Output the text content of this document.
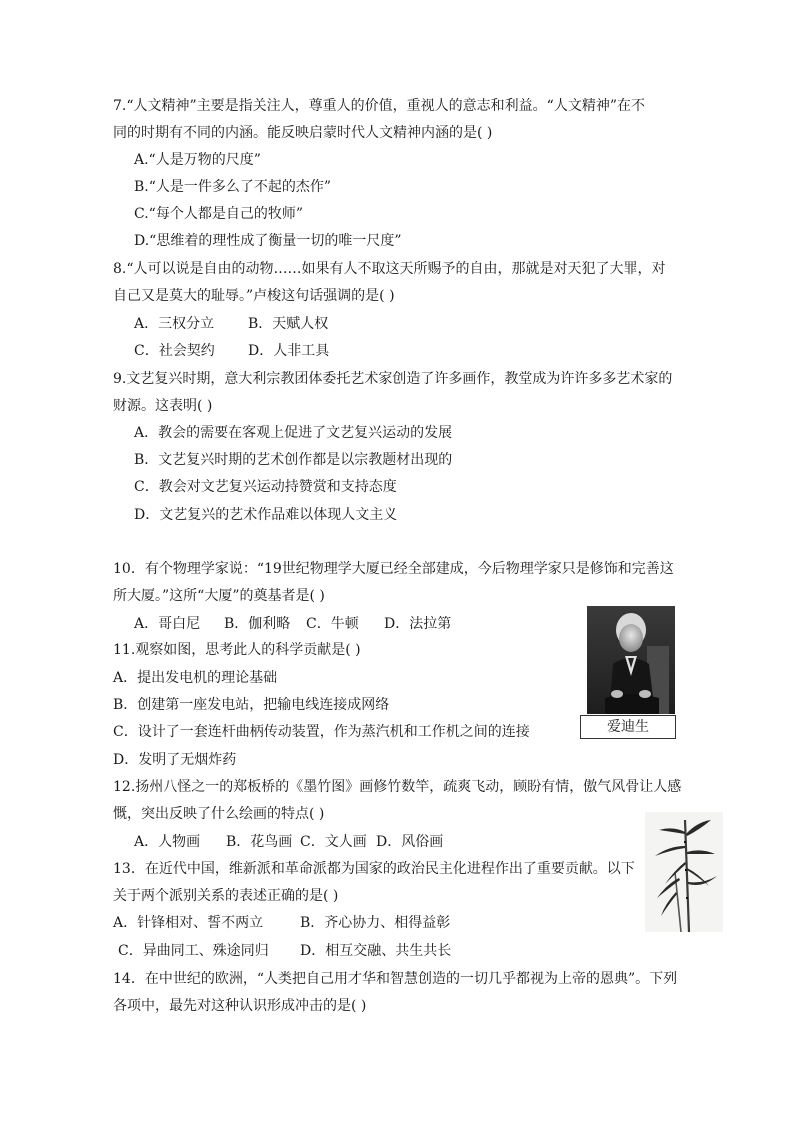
7.“人文精神”主要是指关注人，尊重人的价值，重视人的意志和利益。“人文精神”在不
同的时期有不同的内涵。能反映启蒙时代人文精神内涵的是( )
A.“人是万物的尺度”
B.“人是一件多么了不起的杰作”
C.“每个人都是自己的牧师”
D.“思维着的理性成了衡量一切的唯一尺度”
8.“人可以说是自由的动物……如果有人不取这天所赐予的自由，那就是对天犯了大罪，对
自己又是莫大的耻辱。”卢梭这句话强调的是( )
A．三权分立 B．天赋人权
C．社会契约 D．人非工具
9.文艺复兴时期，意大利宗教团体委托艺术家创造了许多画作，教堂成为许许多多艺术家的
财源。这表明( )
A．教会的需要在客观上促进了文艺复兴运动的发展
B．文艺复兴时期的艺术创作都是以宗教题材出现的
C．教会对文艺复兴运动持赞赏和支持态度
D．文艺复兴的艺术作品难以体现人文主义
10．有个物理学家说：“19世纪物理学大厦已经全部建成，今后物理学家只是修饰和完善这
所大厦。”这所“大厦”的奠基者是( )
A．哥白尼 B．伽利略 C．牛顿 D．法拉第
11.观察如图，思考此人的科学贡献是( )
A．提出发电机的理论基础
B．创建第一座发电站，把输电线连接成网络
C．设计了一套连杆曲柄传动装置，作为蒸汽机和工作机之间的连接
D．发明了无烟炸药
爱迪生
12.扬州八怪之一的郑板桥的《墨竹图》画修竹数竿，疏爽飞动，顾盼有情，傲气风骨让人感
慨，突出反映了什么绘画的特点( )
A．人物画 B．花鸟画 C．文人画 D．风俗画
13．在近代中国，维新派和革命派都为国家的政治民主化进程作出了重要贡献。以下
关于两个派别关系的表述正确的是( )
A．针锋相对、誓不两立	B．齐心协力、相得益彰
C．异曲同工、殊途同归 D．相互交融、共生共长
14．在中世纪的欧洲，“人类把自己用才华和智慧创造的一切几乎都视为上帝的恩典”。下列
各项中，最先对这种认识形成冲击的是( )
